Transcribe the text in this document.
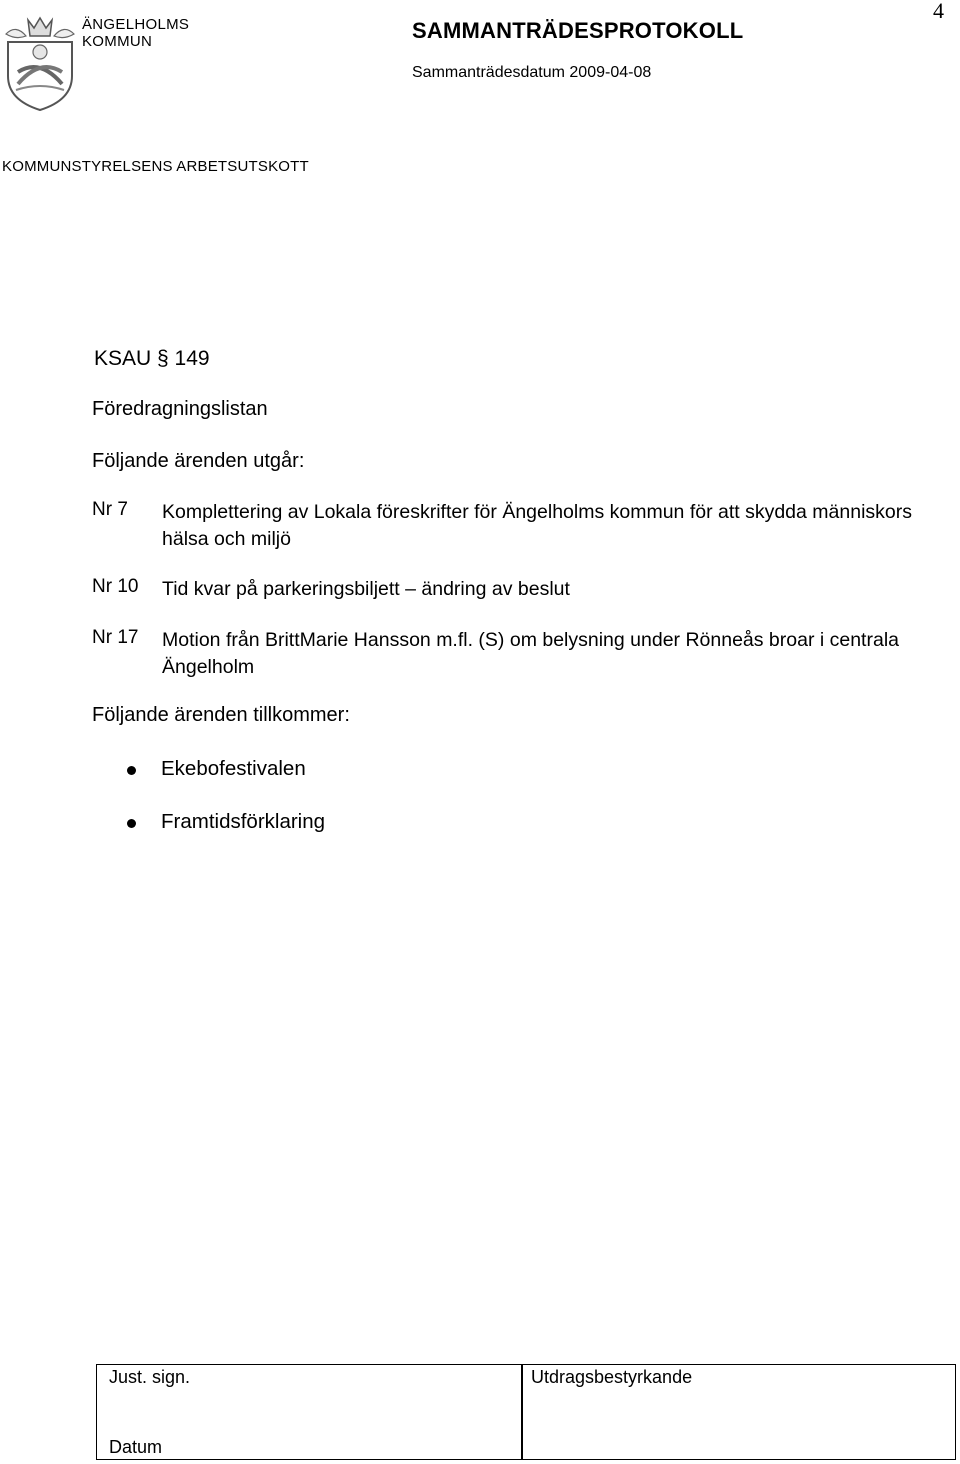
4
ÄNGELHOLMS
KOMMUN	SAMMANTRÄDESPROTOKOLL
Sammanträdesdatum 2009-04-08
KOMMUNSTYRELSENS ARBETSUTSKOTT
KSAU § 149
Föredragningslistan
Följande ärenden utgår:
Nr 7 Komplettering av Lokala föreskrifter för Ängelholms kommun för att skydda människors hälsa och miljö
Nr 10 Tid kvar på parkeringsbiljett – ändring av beslut
Nr 17 Motion från BrittMarie Hansson m.fl. (S) om belysning under Rönneås broar i centrala Ängelholm
Följande ärenden tillkommer:
Ekebofestivalen
Framtidsförklaring
Just. sign.
Datum
Utdragsbestyrkande
